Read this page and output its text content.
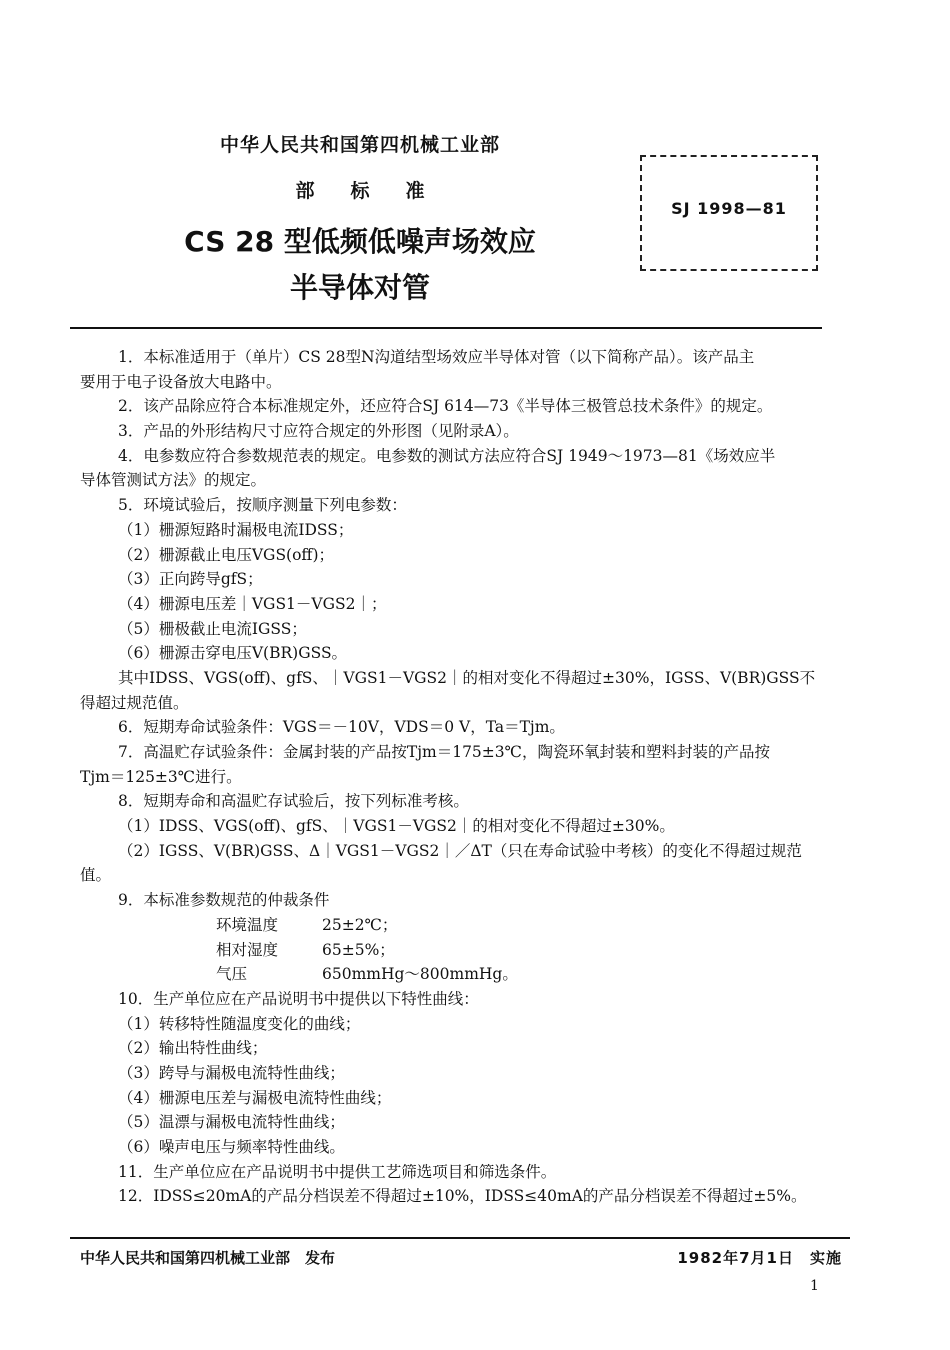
中华人民共和国第四机械工业部
部标准
CS 28 型低频低噪声场效应
半导体对管
SJ 1998—81
1．本标准适用于（单片）CS 28型N沟道结型场效应半导体对管（以下简称产品）。该产品主
要用于电子设备放大电路中。
2．该产品除应符合本标准规定外，还应符合SJ 614—73《半导体三极管总技术条件》的规定。
3．产品的外形结构尺寸应符合规定的外形图（见附录A）。
4．电参数应符合参数规范表的规定。电参数的测试方法应符合SJ 1949～1973—81《场效应半
导体管测试方法》的规定。
5．环境试验后，按顺序测量下列电参数：
（1）栅源短路时漏极电流IDSS；
（2）栅源截止电压VGS(off)；
（3）正向跨导gfS；
（4）栅源电压差｜VGS1－VGS2｜；
（5）栅极截止电流IGSS；
（6）栅源击穿电压V(BR)GSS。
其中IDSS、VGS(off)、gfS、｜VGS1－VGS2｜的相对变化不得超过±30%，IGSS、V(BR)GSS不
得超过规范值。
6．短期寿命试验条件：VGS＝－10V，VDS＝0 V，Ta＝Tjm。
7．高温贮存试验条件：金属封装的产品按Tjm＝175±3℃，陶瓷环氧封装和塑料封装的产品按
Tjm＝125±3℃进行。
8．短期寿命和高温贮存试验后，按下列标准考核。
（1）IDSS、VGS(off)、gfS、｜VGS1－VGS2｜的相对变化不得超过±30%。
（2）IGSS、V(BR)GSS、Δ｜VGS1－VGS2｜／ΔT（只在寿命试验中考核）的变化不得超过规范
值。
9．本标准参数规范的仲裁条件
环境温度	25±2℃；
相对湿度	65±5%；
气压	650mmHg～800mmHg。
10．生产单位应在产品说明书中提供以下特性曲线：
（1）转移特性随温度变化的曲线；
（2）输出特性曲线；
（3）跨导与漏极电流特性曲线；
（4）栅源电压差与漏极电流特性曲线；
（5）温漂与漏极电流特性曲线；
（6）噪声电压与频率特性曲线。
11．生产单位应在产品说明书中提供工艺筛选项目和筛选条件。
12．IDSS≤20mA的产品分档误差不得超过±10%，IDSS≤40mA的产品分档误差不得超过±5%。
中华人民共和国第四机械工业部　发布	1982年7月1日　实施
1
